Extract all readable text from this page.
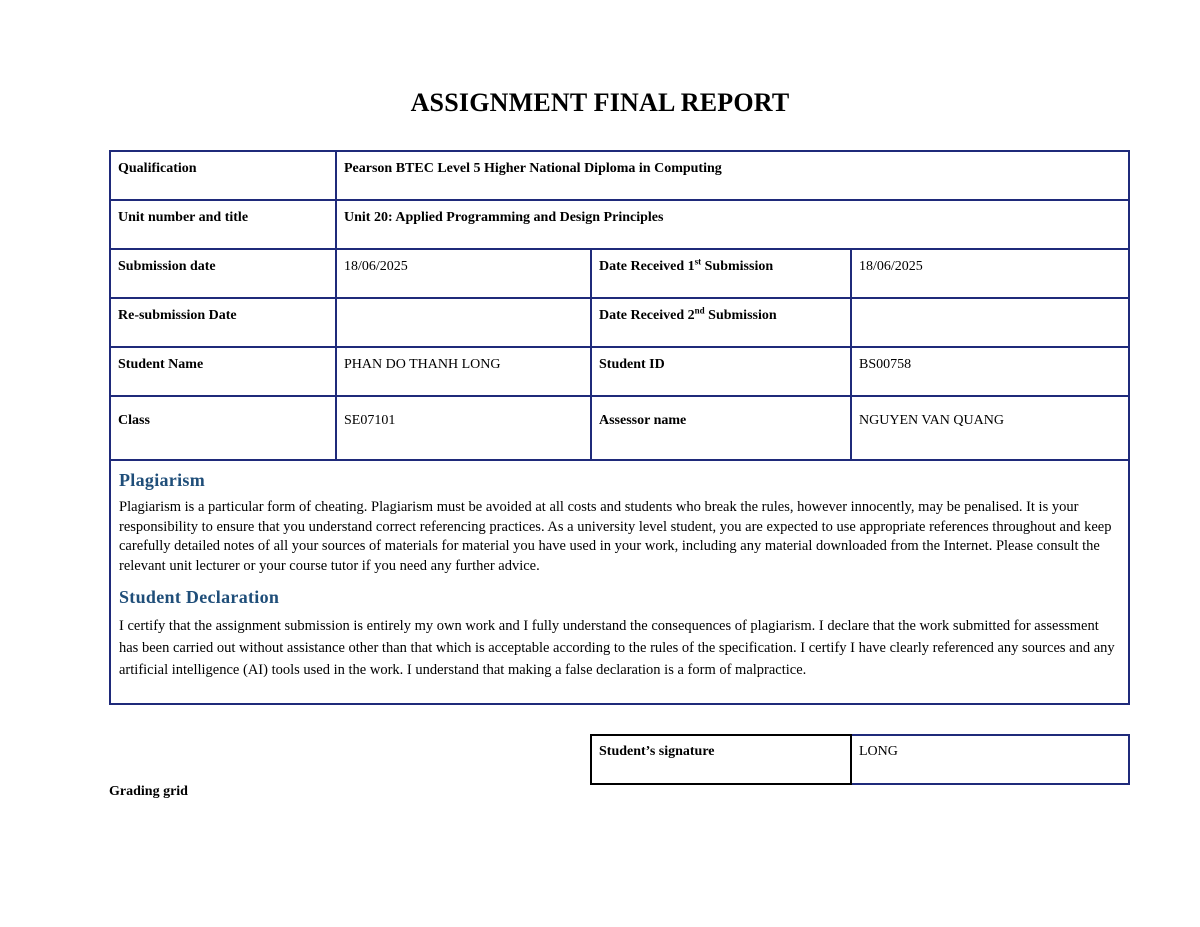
ASSIGNMENT FINAL REPORT
Qualification	Pearson BTEC Level 5 Higher National Diploma in Computing		
Unit number and title	Unit 20: Applied Programming and Design Principles		
Submission date	18/06/2025	Date Received 1st Submission	18/06/2025
Re-submission Date		Date Received 2nd Submission	
Student Name	PHAN DO THANH LONG	Student ID	BS00758
Class	SE07101	Assessor name	NGUYEN VAN QUANG

Plagiarism

Plagiarism is a particular form of cheating. Plagiarism must be avoided at all costs and students who break the rules, however innocently, may be penalised. It is your responsibility to ensure that you understand correct referencing practices. As a university level student, you are expected to use appropriate references throughout and keep carefully detailed notes of all your sources of materials for material you have used in your work, including any material downloaded from the Internet. Please consult the relevant unit lecturer or your course tutor if you need any further advice.

Student Declaration

I certify that the assignment submission is entirely my own work and I fully understand the consequences of plagiarism. I declare that the work submitted for assessment has been carried out without assistance other than that which is acceptable according to the rules of the specification. I certify I have clearly referenced any sources and any artificial intelligence (AI) tools used in the work. I understand that making a false declaration is a form of malpractice.			

Student’s signature	LONG
Grading grid
